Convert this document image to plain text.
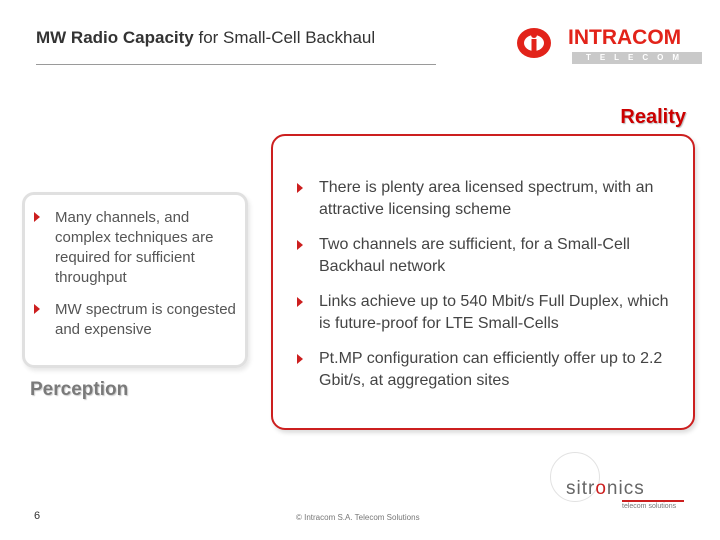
MW Radio Capacity for Small-Cell Backhaul	INTRACOM
TELECOM
Reality
There is plenty area licensed spectrum, with an attractive licensing scheme
Two channels are sufficient, for a Small-Cell Backhaul network
Links achieve up to 540 Mbit/s Full Duplex, which is future-proof for LTE Small-Cells
Pt.MP configuration can efficiently offer up to 2.2 Gbit/s, at aggregation sites
Many channels, and complex techniques are required for sufficient throughput
MW spectrum is congested and expensive
Perception
sitronics
telecom solutions
6	© Intracom S.A. Telecom Solutions
